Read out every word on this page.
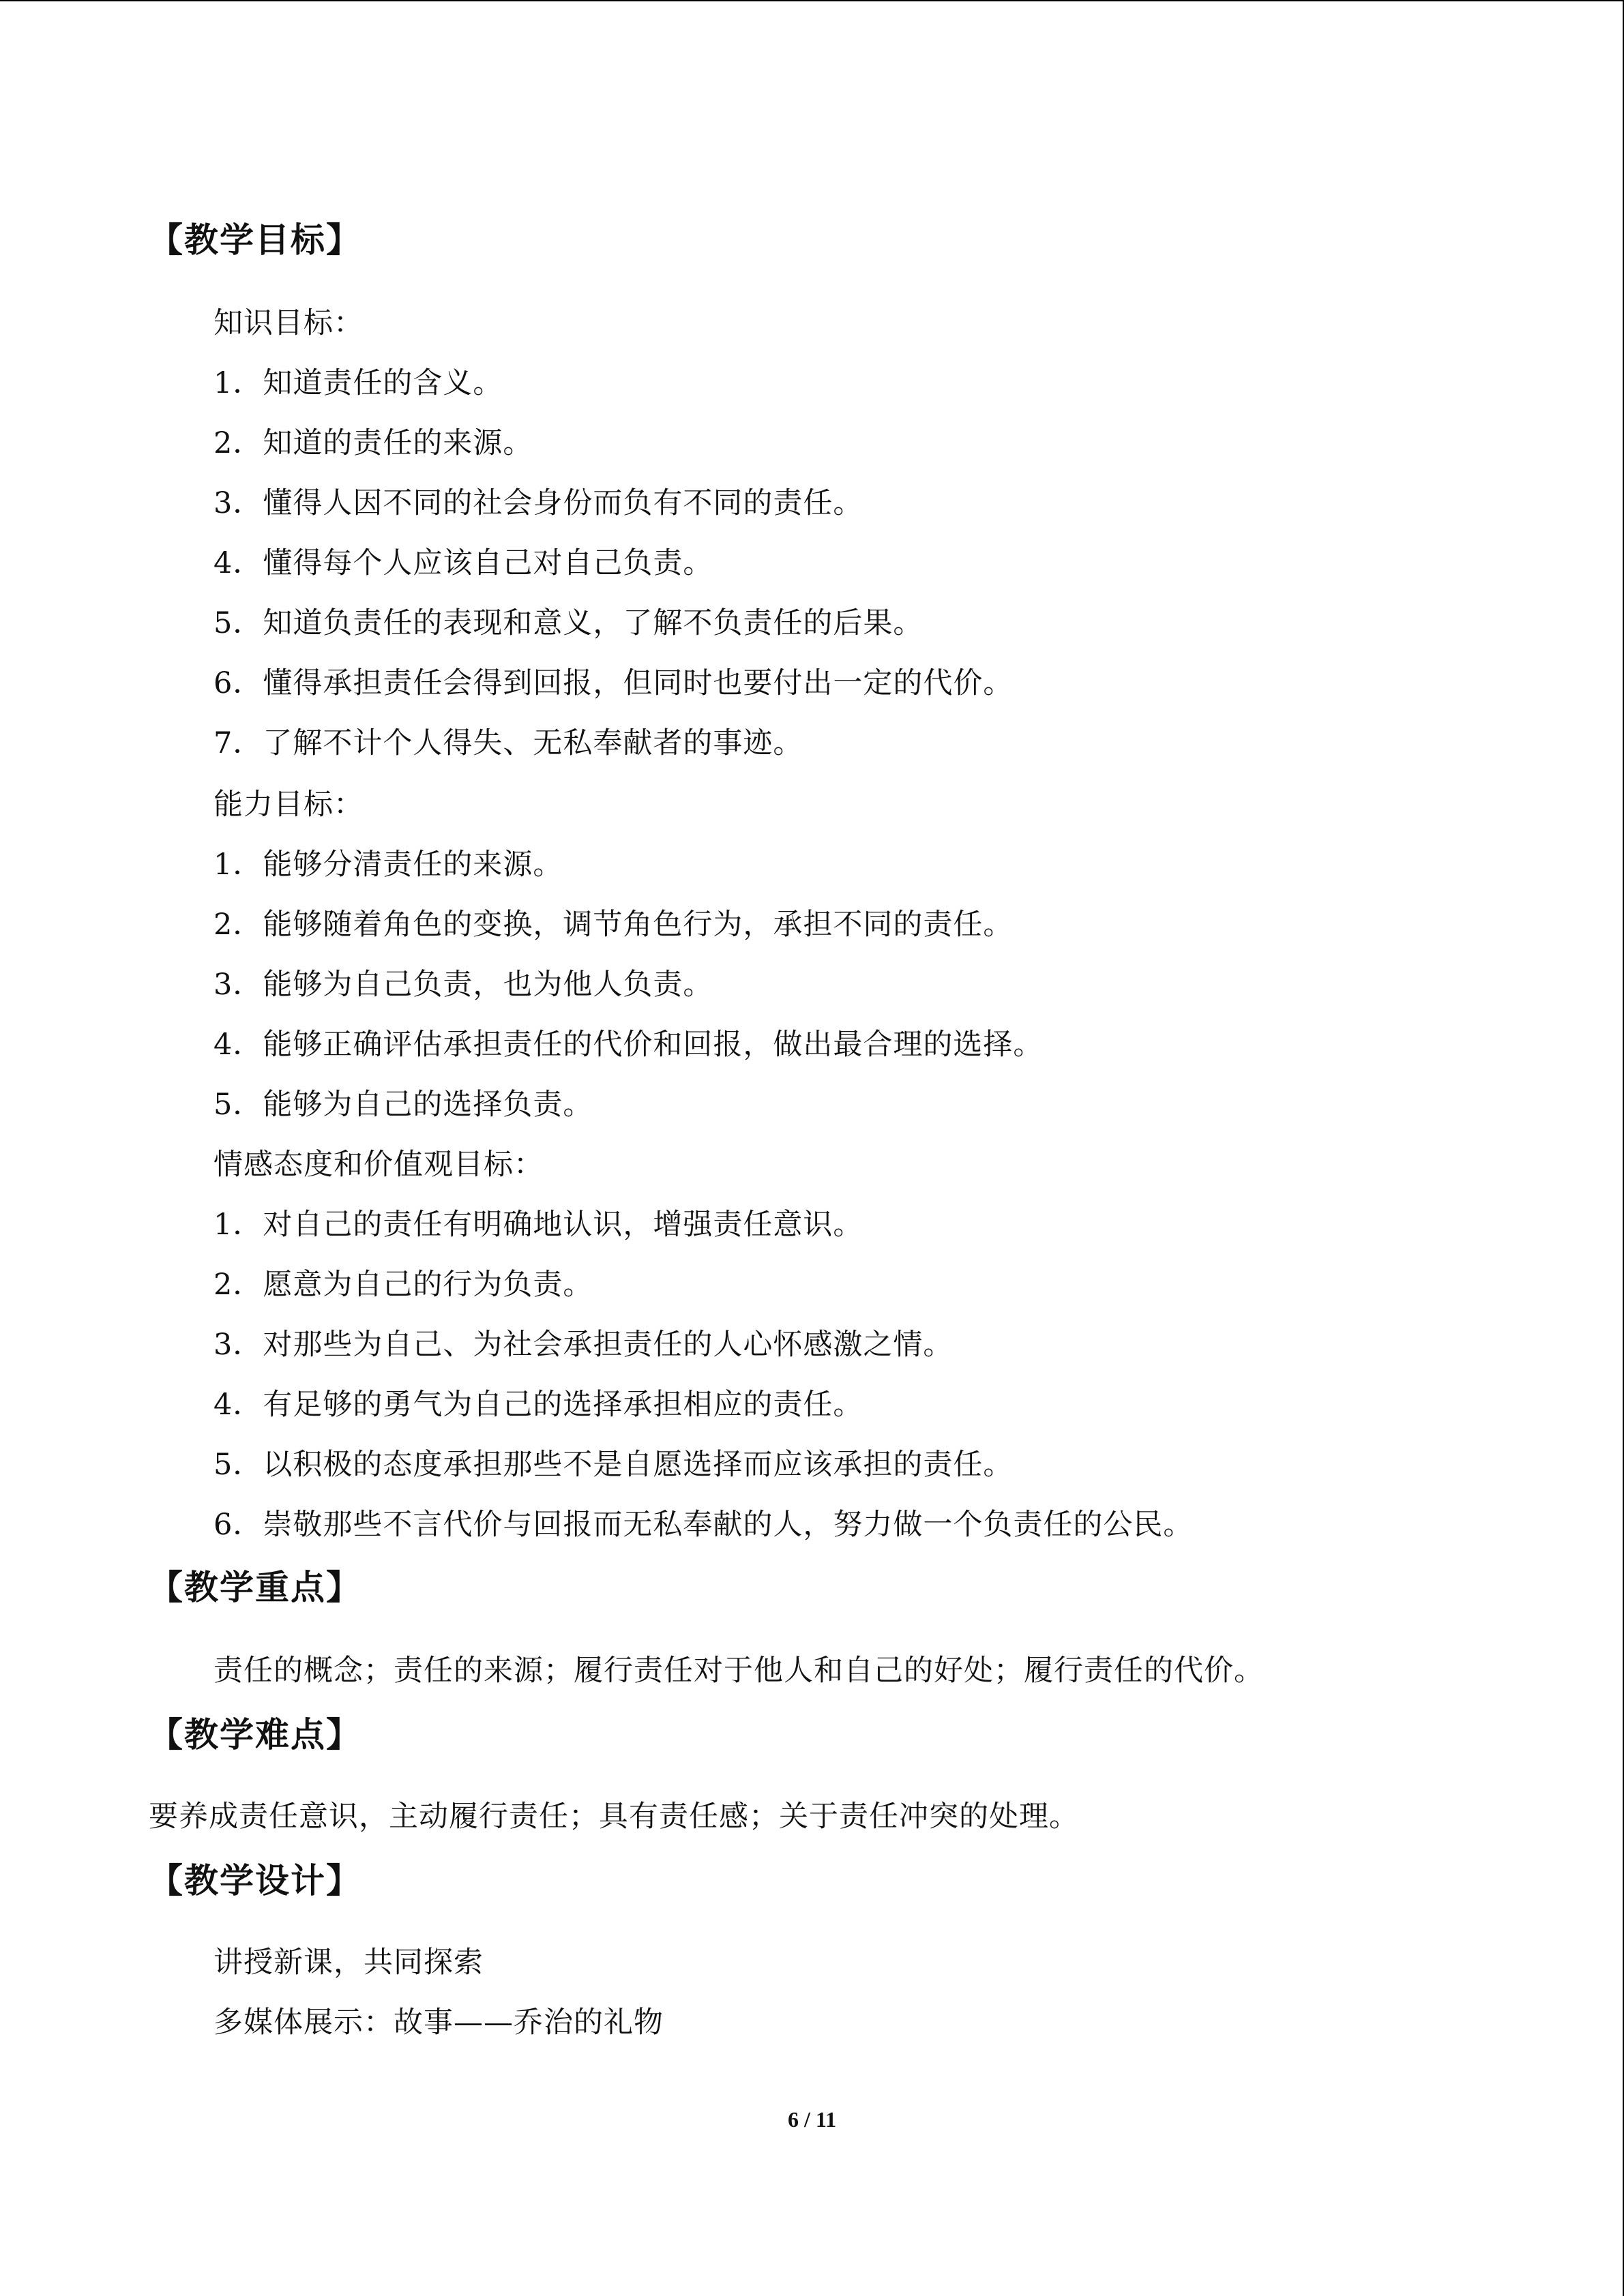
【教学目标】
知识目标：
1．知道责任的含义。
2．知道的责任的来源。
3．懂得人因不同的社会身份而负有不同的责任。
4．懂得每个人应该自己对自己负责。
5．知道负责任的表现和意义，了解不负责任的后果。
6．懂得承担责任会得到回报，但同时也要付出一定的代价。
7．了解不计个人得失、无私奉献者的事迹。
能力目标：
1．能够分清责任的来源。
2．能够随着角色的变换，调节角色行为，承担不同的责任。
3．能够为自己负责，也为他人负责。
4．能够正确评估承担责任的代价和回报，做出最合理的选择。
5．能够为自己的选择负责。
情感态度和价值观目标：
1．对自己的责任有明确地认识，增强责任意识。
2．愿意为自己的行为负责。
3．对那些为自己、为社会承担责任的人心怀感激之情。
4．有足够的勇气为自己的选择承担相应的责任。
5．以积极的态度承担那些不是自愿选择而应该承担的责任。
6．崇敬那些不言代价与回报而无私奉献的人，努力做一个负责任的公民。
【教学重点】
责任的概念；责任的来源；履行责任对于他人和自己的好处；履行责任的代价。
【教学难点】
要养成责任意识，主动履行责任；具有责任感；关于责任冲突的处理。
【教学设计】
讲授新课，共同探索
多媒体展示：故事——乔治的礼物
6 / 11
